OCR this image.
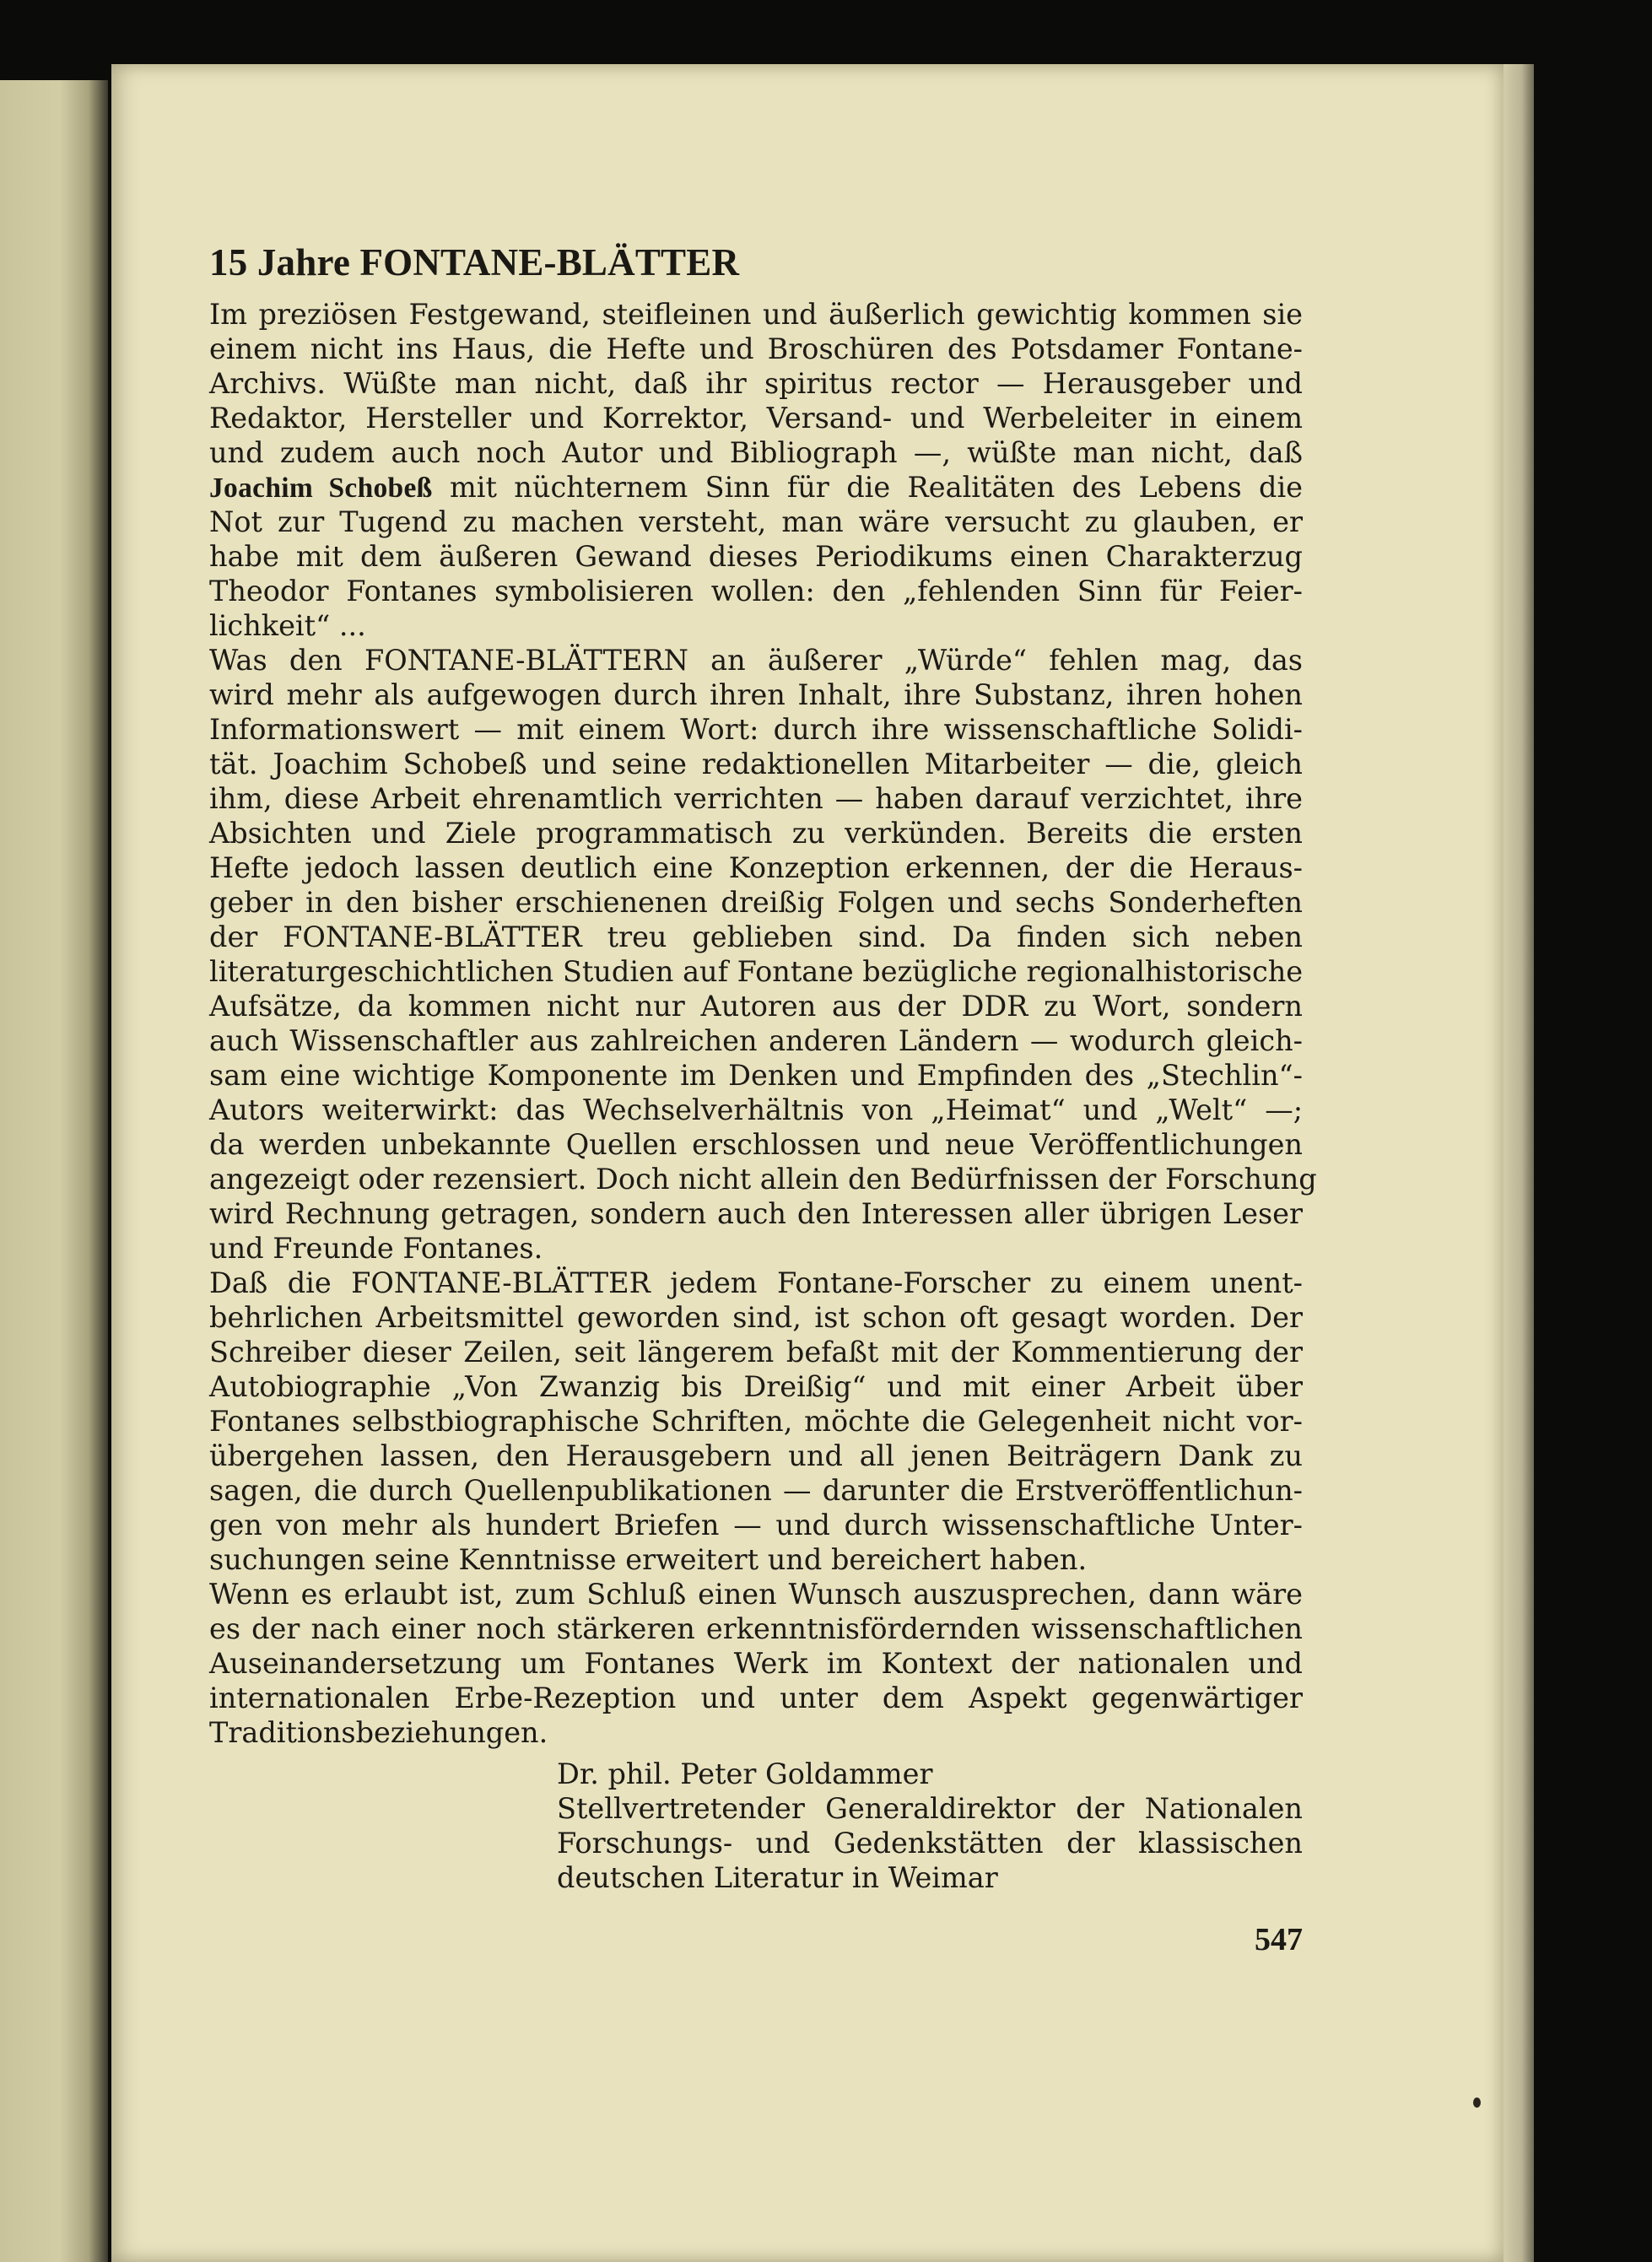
15 Jahre FONTANE-BLÄTTER
Im preziösen Festgewand, steifleinen und äußerlich gewichtig kommen sie
einem nicht ins Haus, die Hefte und Broschüren des Potsdamer Fontane-
Archivs. Wüßte man nicht, daß ihr spiritus rector — Herausgeber und
Redaktor, Hersteller und Korrektor, Versand- und Werbeleiter in einem
und zudem auch noch Autor und Bibliograph —, wüßte man nicht, daß
Joachim Schobeß mit nüchternem Sinn für die Realitäten des Lebens die
Not zur Tugend zu machen versteht, man wäre versucht zu glauben, er
habe mit dem äußeren Gewand dieses Periodikums einen Charakterzug
Theodor Fontanes symbolisieren wollen: den „fehlenden Sinn für Feier-
lichkeit“ ...
Was den FONTANE-BLÄTTERN an äußerer „Würde“ fehlen mag, das
wird mehr als aufgewogen durch ihren Inhalt, ihre Substanz, ihren hohen
Informationswert — mit einem Wort: durch ihre wissenschaftliche Solidi-
tät. Joachim Schobeß und seine redaktionellen Mitarbeiter — die, gleich
ihm, diese Arbeit ehrenamtlich verrichten — haben darauf verzichtet, ihre
Absichten und Ziele programmatisch zu verkünden. Bereits die ersten
Hefte jedoch lassen deutlich eine Konzeption erkennen, der die Heraus-
geber in den bisher erschienenen dreißig Folgen und sechs Sonderheften
der FONTANE-BLÄTTER treu geblieben sind. Da finden sich neben
literaturgeschichtlichen Studien auf Fontane bezügliche regionalhistorische
Aufsätze, da kommen nicht nur Autoren aus der DDR zu Wort, sondern
auch Wissenschaftler aus zahlreichen anderen Ländern — wodurch gleich-
sam eine wichtige Komponente im Denken und Empfinden des „Stechlin“-
Autors weiterwirkt: das Wechselverhältnis von „Heimat“ und „Welt“ —;
da werden unbekannte Quellen erschlossen und neue Veröffentlichungen
angezeigt oder rezensiert. Doch nicht allein den Bedürfnissen der Forschung
wird Rechnung getragen, sondern auch den Interessen aller übrigen Leser
und Freunde Fontanes.
Daß die FONTANE-BLÄTTER jedem Fontane-Forscher zu einem unent-
behrlichen Arbeitsmittel geworden sind, ist schon oft gesagt worden. Der
Schreiber dieser Zeilen, seit längerem befaßt mit der Kommentierung der
Autobiographie „Von Zwanzig bis Dreißig“ und mit einer Arbeit über
Fontanes selbstbiographische Schriften, möchte die Gelegenheit nicht vor-
übergehen lassen, den Herausgebern und all jenen Beiträgern Dank zu
sagen, die durch Quellenpublikationen — darunter die Erstveröffentlichun-
gen von mehr als hundert Briefen — und durch wissenschaftliche Unter-
suchungen seine Kenntnisse erweitert und bereichert haben.
Wenn es erlaubt ist, zum Schluß einen Wunsch auszusprechen, dann wäre
es der nach einer noch stärkeren erkenntnisfördernden wissenschaftlichen
Auseinandersetzung um Fontanes Werk im Kontext der nationalen und
internationalen Erbe-Rezeption und unter dem Aspekt gegenwärtiger
Traditionsbeziehungen.
Dr. phil. Peter Goldammer
Stellvertretender Generaldirektor der Nationalen
Forschungs- und Gedenkstätten der klassischen
deutschen Literatur in Weimar
547
